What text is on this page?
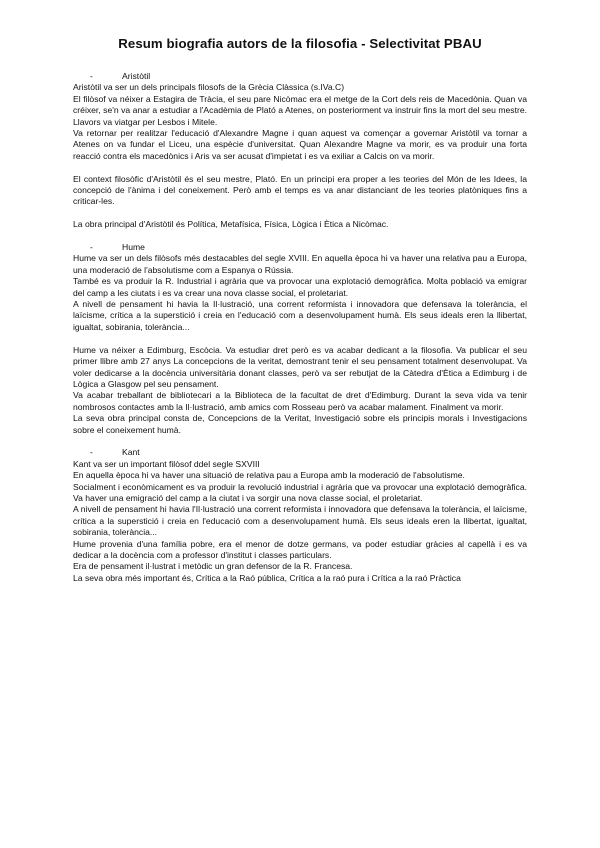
Resum biografia autors de la filosofia - Selectivitat PBAU
-	Aristòtil

Aristòtil va ser un dels principals filosofs de la Grècia Clàssica (s.IVa.C)

El filòsof va néixer a Estagira de Tràcia, el seu pare Nicòmac era el metge de la Cort dels reis de Macedònia. Quan va créixer, se'n va anar a estudiar a l'Acadèmia de Plató a Atenes, on posteriorment va instruir fins la mort del seu mestre. Llavors va viatgar per Lesbos i Mitele.

Va retornar per realitzar l'educació d'Alexandre Magne i quan aquest va començar a governar Aristòtil va tornar a Atenes on va fundar el Liceu, una espècie d'universitat. Quan Alexandre Magne va morir, es va produir una forta reacció contra els macedònics i Aris va ser acusat d'impietat i es va exiliar a Calcis on va morir.

El context filosòfic d'Aristòtil és el seu mestre, Plató. En un principi era proper a les teories del Món de les Idees, la concepció de l'ànima i del coneixement. Però amb el temps es va anar distanciant de les teories platòniques fins a criticar-les.

La obra principal d'Aristòtil és Política, Metafísica, Física, Lògica i Ètica a Nicòmac.

-	Hume

Hume va ser un dels filòsofs més destacables del segle XVIII. En aquella època hi va haver una relativa pau a Europa, una moderació de l'absolutisme com a Espanya o Rússia.

També es va produir la R. Industrial i agrària que va provocar una explotació demogràfica. Molta població va emigrar del camp a les ciutats i es va crear una nova classe social, el proletariat.

A nivell de pensament hi havia la Il·lustració, una corrent reformista i innovadora que defensava la tolerància, el laïcisme, crítica a la superstició i creia en l'educació com a desenvolupament humà. Els seus ideals eren la llibertat, igualtat, sobirania, tolerància...

Hume va néixer a Edimburg, Escòcia. Va estudiar dret però es va acabar dedicant a la filosofia. Va publicar el seu primer llibre amb 27 anys La concepcions de la veritat, demostrant tenir el seu pensament totalment desenvolupat. Va voler dedicarse a la docència universitària donant classes, però va ser rebutjat de la Càtedra d'Ètica a Edimburg i de Lògica a Glasgow pel seu pensament.

Va acabar treballant de bibliotecari a la Biblioteca de la facultat de dret d'Edimburg. Durant la seva vida va tenir nombrosos contactes amb la Il·lustració, amb amics com Rosseau però va acabar malament. Finalment va morir.

La seva obra principal consta de, Concepcions de la Veritat, Investigació sobre els principis morals i Investigacions sobre el coneixement humà.

-	Kant

Kant va ser un important filòsof ddel segle SXVIII

En aquella època hi va haver una situació de relativa pau a Europa amb la moderació de l'absolutisme.

Socialment i econòmicament es va produir la revolució industrial i agrària que va provocar una explotació demogràfica. Va haver una emigració del camp a la ciutat i va sorgir una nova classe social, el proletariat.

A nivell de pensament hi havia l'Il·lustració una corrent reformista i innovadora que defensava la tolerància, el laïcisme, crítica a la superstició i creia en l'educació com a desenvolupament humà. Els seus ideals eren la llibertat, igualtat, sobirania, tolerància...

Hume provenia d'una família pobre, era el menor de dotze germans, va poder estudiar gràcies al capellà i es va dedicar a la docència com a professor d'institut i classes particulars.

Era de pensament il·lustrat i metòdic un gran defensor de la R. Francesa.

La seva obra més important és, Crítica a la Raó pública, Crítica a la raó pura i Crítica a la raó Pràctica
